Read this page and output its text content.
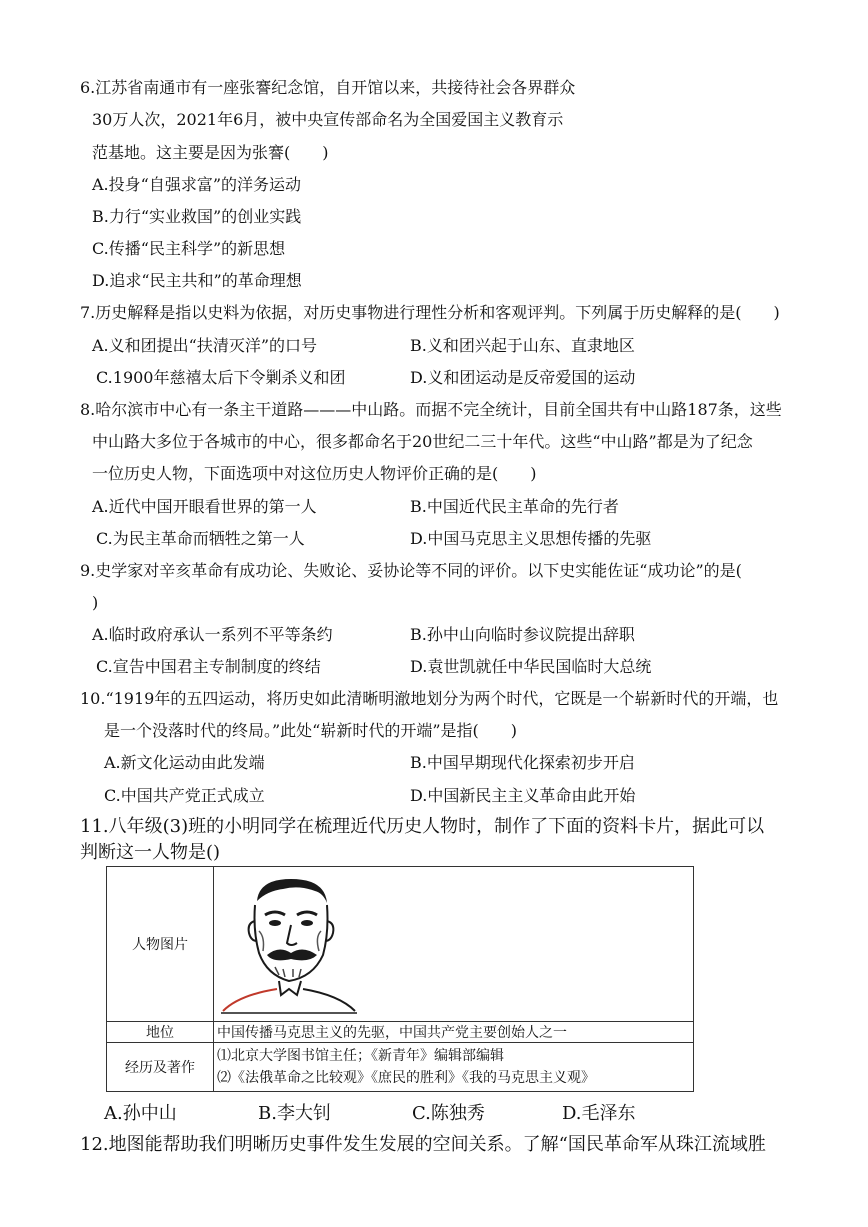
6.江苏省南通市有一座张謇纪念馆，自开馆以来，共接待社会各界群众
30万人次，2021年6月，被中央宣传部命名为全国爱国主义教育示
范基地。这主要是因为张謇(　　)
A.投身“自强求富”的洋务运动
B.力行“实业救国”的创业实践
C.传播“民主科学”的新思想
D.追求“民主共和”的革命理想
7.历史解释是指以史料为依据，对历史事物进行理性分析和客观评判。下列属于历史解释的是(　　)
A.义和团提出“扶清灭洋”的口号	B.义和团兴起于山东、直隶地区
C.1900年慈禧太后下令剿杀义和团	D.义和团运动是反帝爱国的运动
8.哈尔滨市中心有一条主干道路———中山路。而据不完全统计，目前全国共有中山路187条，这些
中山路大多位于各城市的中心，很多都命名于20世纪二三十年代。这些“中山路”都是为了纪念
一位历史人物，下面选项中对这位历史人物评价正确的是(　　)
A.近代中国开眼看世界的第一人	B.中国近代民主革命的先行者
C.为民主革命而牺牲之第一人	D.中国马克思主义思想传播的先驱
9.史学家对辛亥革命有成功论、失败论、妥协论等不同的评价。以下史实能佐证“成功论”的是(
)
A.临时政府承认一系列不平等条约	B.孙中山向临时参议院提出辞职
C.宣告中国君主专制制度的终结	D.袁世凯就任中华民国临时大总统
10.“1919年的五四运动，将历史如此清晰明澈地划分为两个时代，它既是一个崭新时代的开端，也
是一个没落时代的终局。”此处“崭新时代的开端”是指(　　)
A.新文化运动由此发端	B.中国早期现代化探索初步开启
C.中国共产党正式成立	D.中国新民主主义革命由此开始
11.八年级(3)班的小明同学在梳理近代历史人物时，制作了下面的资料卡片，据此可以
判断这一人物是()
人物图片	

地位	中国传播马克思主义的先驱，中国共产党主要创始人之一
经历及著作	⑴北京大学图书馆主任；《新青年》编辑部编辑
⑵《法俄革命之比较观》《庶民的胜利》《我的马克思主义观》
A.孙中山	B.李大钊	C.陈独秀	D.毛泽东
12.地图能帮助我们明晰历史事件发生发展的空间关系。了解“国民革命军从珠江流域胜
